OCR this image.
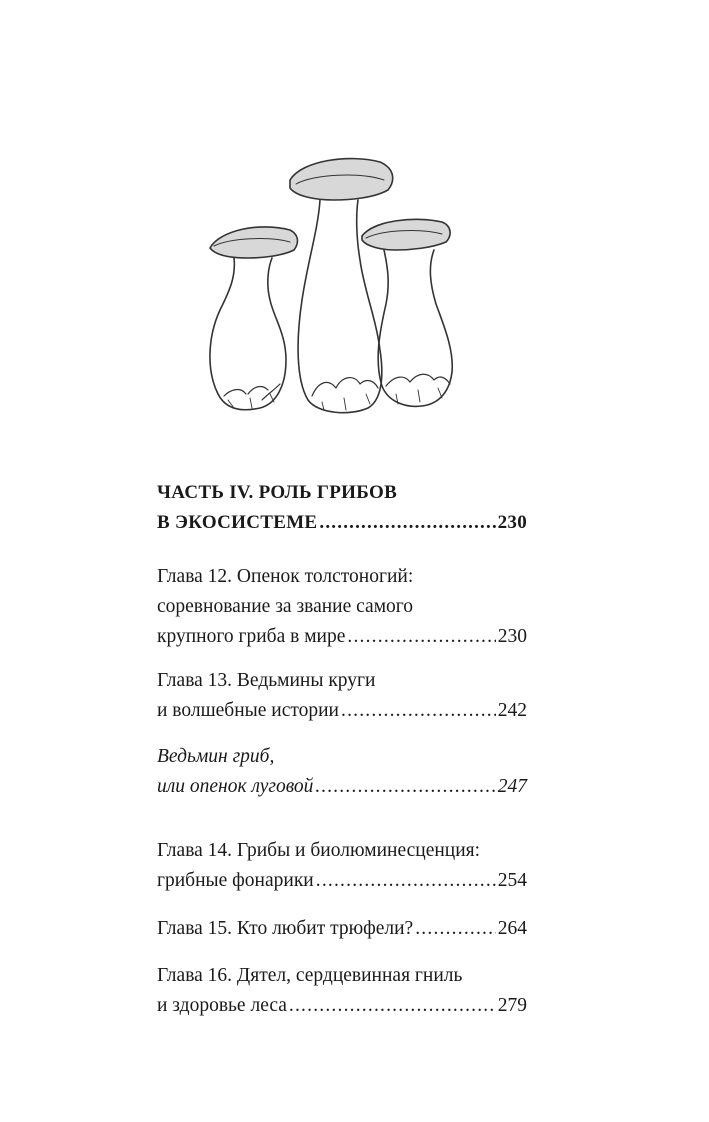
ЧАСТЬ IV. РОЛЬ ГРИБОВ
В ЭКОСИСТЕМЕ .....	230
Глава 12. Опенок толстоногий:
соревнование за звание самого
крупного гриба в мире .....	230
Глава 13. Ведьмины круги
и волшебные истории .....	242
Ведьмин гриб,
или опенок луговой .....	247
Глава 14. Грибы и биолюминесценция:
грибные фонарики .....	254
Глава 15. Кто любит трюфели? .....	264
Глава 16. Дятел, сердцевинная гниль
и здоровье леса .....	279
